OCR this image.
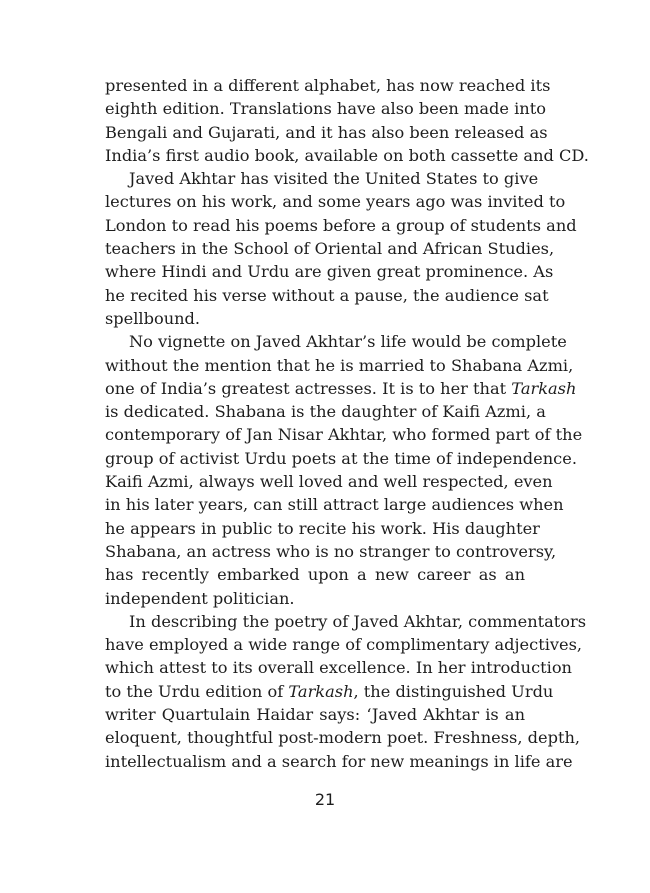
presented in a different alphabet, has now reached its
eighth edition. Translations have also been made into
Bengali and Gujarati, and it has also been released as
India’s first audio book, available on both cassette and CD.

Javed Akhtar has visited the United States to give
lectures on his work, and some years ago was invited to
London to read his poems before a group of students and
teachers in the School of Oriental and African Studies,
where Hindi and Urdu are given great prominence. As
he recited his verse without a pause, the audience sat
spellbound.

No vignette on Javed Akhtar’s life would be complete
without the mention that he is married to Shabana Azmi,
one of India’s greatest actresses. It is to her that Tarkash
is dedicated. Shabana is the daughter of Kaifi Azmi, a
contemporary of Jan Nisar Akhtar, who formed part of the
group of activist Urdu poets at the time of independence.
Kaifi Azmi, always well loved and well respected, even
in his later years, can still attract large audiences when
he appears in public to recite his work. His daughter
Shabana, an actress who is no stranger to controversy,
has recently embarked upon a new career as an
independent politician.

In describing the poetry of Javed Akhtar, commentators
have employed a wide range of complimentary adjectives,
which attest to its overall excellence. In her introduction
to the Urdu edition of Tarkash, the distinguished Urdu
writer Quartulain Haidar says: ‘Javed Akhtar is an
eloquent, thoughtful post-modern poet. Freshness, depth,
intellectualism and a search for new meanings in life are

21
